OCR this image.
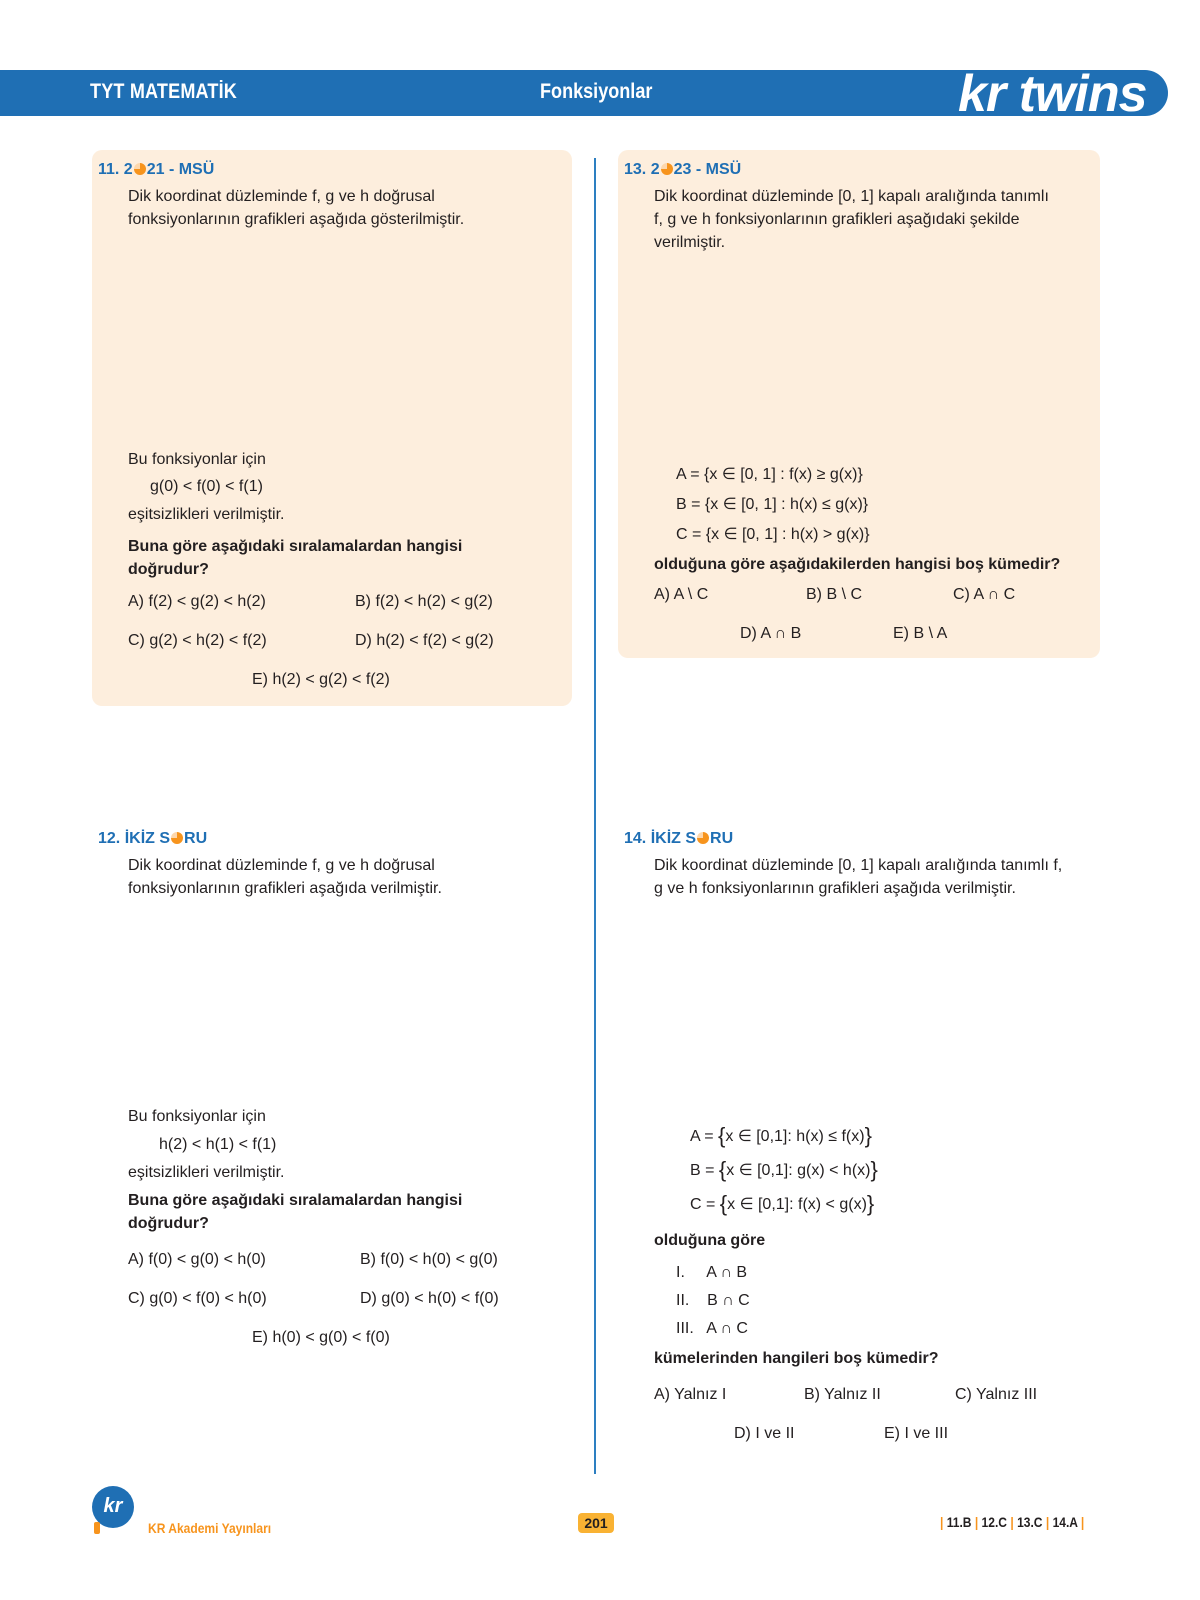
TYT MATEMATİK	Fonksiyonlar	kr twins
11. 2 21 - MSÜ
Dik koordinat düzleminde f, g ve h doğrusal
fonksiyonlarının grafikleri aşağıda gösterilmiştir.
y
x
O	1	2
Bu fonksiyonlar için
g(0) < f(0) < f(1)
eşitsizlikleri verilmiştir.
Buna göre aşağıdaki sıralamalardan hangisi
doğrudur?
A) f(2) < g(2) < h(2)	B) f(2) < h(2) < g(2)
C) g(2) < h(2) < f(2)	D) h(2) < f(2) < g(2)
E) h(2) < g(2) < f(2)
13. 2 23 - MSÜ
Dik koordinat düzleminde [0, 1] kapalı aralığında tanımlı
f, g ve h fonksiyonlarının grafikleri aşağıdaki şekilde
verilmiştir.
y
x
O	1
f
g
h
A = {x ∈ [0, 1] : f(x) ≥ g(x)}
B = {x ∈ [0, 1] : h(x) ≤ g(x)}
C = {x ∈ [0, 1] : h(x) > g(x)}
olduğuna göre aşağıdakilerden hangisi boş kümedir?
A) A \ C	B) B \ C	C) A ∩ C
D) A ∩ B	E) B \ A
12. İKİZ S RU
Dik koordinat düzleminde f, g ve h doğrusal
fonksiyonlarının grafikleri aşağıda verilmiştir.
y
x
O	1	2
Bu fonksiyonlar için
h(2) < h(1) < f(1)
eşitsizlikleri verilmiştir.
Buna göre aşağıdaki sıralamalardan hangisi
doğrudur?
A) f(0) < g(0) < h(0)	B) f(0) < h(0) < g(0)
C) g(0) < f(0) < h(0)	D) g(0) < h(0) < f(0)
E) h(0) < g(0) < f(0)
14. İKİZ S RU
Dik koordinat düzleminde [0, 1] kapalı aralığında tanımlı f,
g ve h fonksiyonlarının grafikleri aşağıda verilmiştir.
y
x
O	1
f
g
h
A = {x ∈ [0,1]: h(x) ≤ f(x)}
B = {x ∈ [0,1]: g(x) < h(x)}
C = {x ∈ [0,1]: f(x) < g(x)}
olduğuna göre
I.     A ∩ B
II.    B ∩ C
III.   A ∩ C
kümelerinden hangileri boş kümedir?
A) Yalnız I	B) Yalnız II	C) Yalnız III
D) I ve II	E) I ve III
kr
KR Akademi Yayınları	201	| 11.B | 12.C | 13.C | 14.A |
